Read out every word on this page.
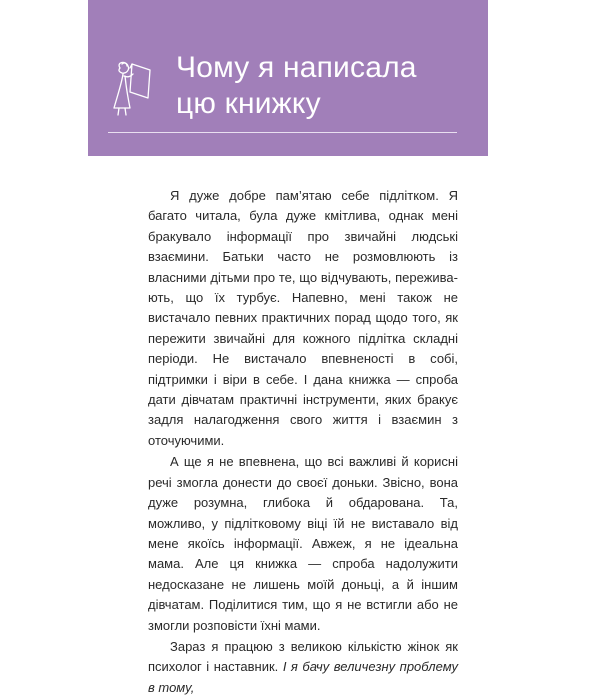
Чому я написала
цю книжку

Я дуже добре пам’ятаю себе підлітком. Я багато читала, була дуже кмітлива, однак мені бракувало інформації про звичайні людські взаємини. Батьки часто не розмовлюють із власними дітьми про те, що відчувають, переживають, що їх турбує. Напевно, мені також не вистачало певних практичних порад щодо того, як пережити звичайні для кожного підлітка складні періоди. Не вистачало впевненості в собі, підтримки і віри в себе. І дана книжка — спроба дати дівчатам практичні інструменти, яких бракує задля налагодження свого життя і взаємин з оточуючими.

А ще я не впевнена, що всі важливі й корисні речі змогла донести до своєї доньки. Звісно, вона дуже розумна, глибока й обдарована. Та, можливо, у підлітковому віці їй не виставало від мене якоїсь інформації. Авжеж, я не ідеальна мама. Але ця книжка — спроба надолужити недосказане не лишень моїй доньці, а й іншим дівчатам. Поділитися тим, що я не встигли або не змогли розповісти їхні мами.

Зараз я працюю з великою кількістю жінок як психолог і наставник. І я бачу величезну проблему в тому,
